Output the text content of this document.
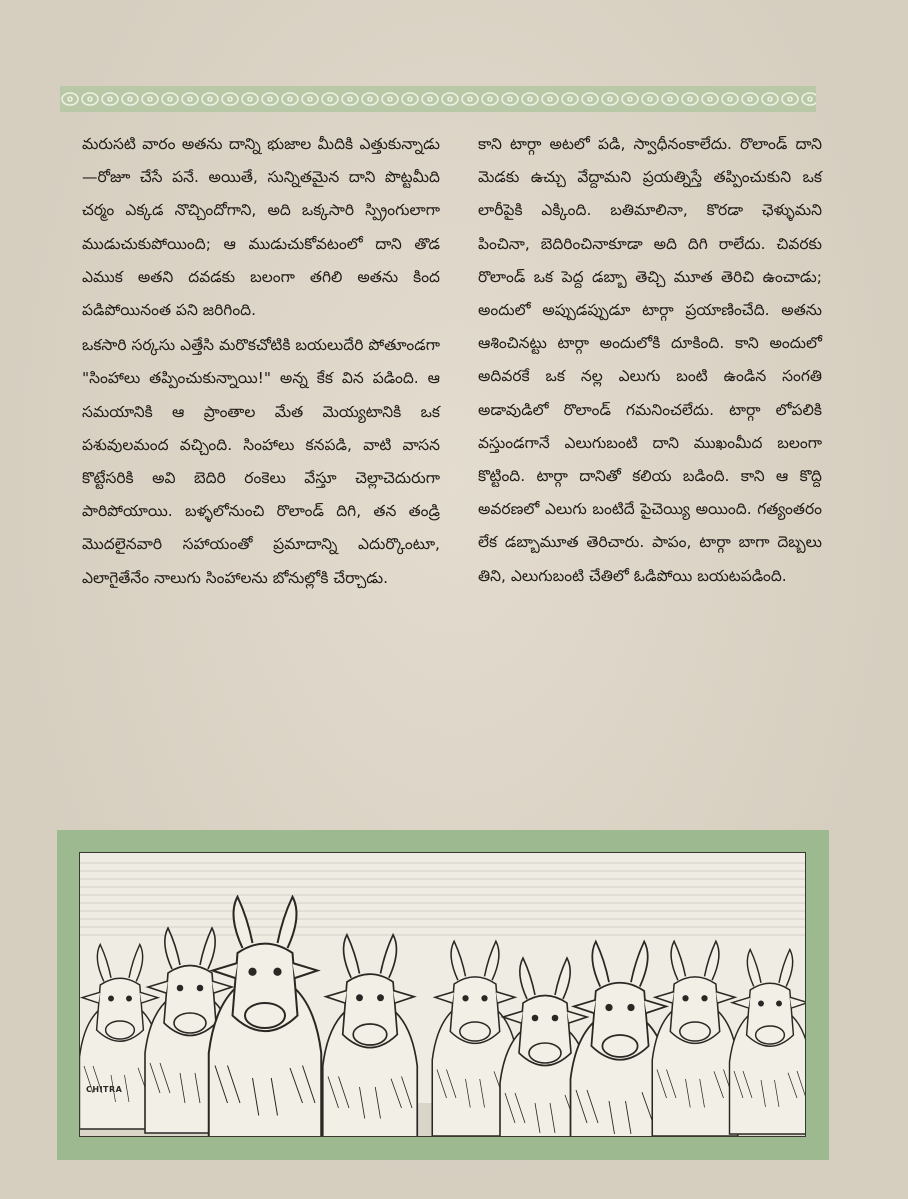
మరుసటి వారం అతను దాన్ని భుజాల మీదికి ఎత్తుకున్నాడు—రోజూ చేసే పనే. అయితే, సున్నితమైన దాని పొట్టమీది చర్మం ఎక్కడ నొచ్చిందోగాని, అది ఒక్కసారి స్ప్రింగులాగా ముడుచుకుపోయింది; ఆ ముడుచుకోవటంలో దాని తొడ ఎముక అతని దవడకు బలంగా తగిలి అతను కింద పడిపోయినంత పని జరిగింది.

ఒకసారి సర్కసు ఎత్తేసి మరొకచోటికి బయలుదేరి పోతూండగా "సింహాలు తప్పించుకున్నాయి!" అన్న కేక విన పడింది. ఆ సమయానికి ఆ ప్రాంతాల మేత మెయ్యటానికి ఒక పశువులమంద వచ్చింది. సింహాలు కనపడి, వాటి వాసన కొట్టేసరికి అవి బెదిరి రంకెలు వేస్తూ చెల్లాచెదురుగా పారిపోయాయి. బళ్ళలోనుంచి రొలాండ్ దిగి, తన తండ్రి మొదలైనవారి సహాయంతో ప్రమాదాన్ని ఎదుర్కొంటూ, ఎలాగైతేనేం నాలుగు సింహాలను బోనుల్లోకి చేర్చాడు.

కాని టార్గా అటలో పడి, స్వాధీనంకాలేదు. రొలాండ్ దాని మెడకు ఉచ్చు వేద్దామని ప్రయత్నిస్తే తప్పించుకుని ఒక లారీపైకి ఎక్కింది. బతిమాలినా, కొరడా ఛెళ్ళుమని పించినా, బెదిరించినాకూడా అది దిగి రాలేదు. చివరకు రొలాండ్ ఒక పెద్ద డబ్బా తెచ్చి మూత తెరిచి ఉంచాడు; అందులో అప్పుడప్పుడూ టార్గా ప్రయాణించేది. అతను ఆశించినట్టు టార్గా అందులోకి దూకింది. కాని అందులో అదివరకే ఒక నల్ల ఎలుగు బంటి ఉండిన సంగతి అడావుడిలో రొలాండ్ గమనించలేదు. టార్గా లోపలికి వస్తుండగానే ఎలుగుబంటి దాని ముఖంమీద బలంగా కొట్టింది. టార్గా దానితో కలియ బడింది. కాని ఆ కొద్ది అవరణలో ఎలుగు బంటిదే పైచెయ్యి అయింది. గత్యంతరం లేక డబ్బామూత తెరిచారు. పాపం, టార్గా బాగా దెబ్బలు తిని, ఎలుగుబంటి చేతిలో ఓడిపోయి బయటపడింది.

CHITRA
